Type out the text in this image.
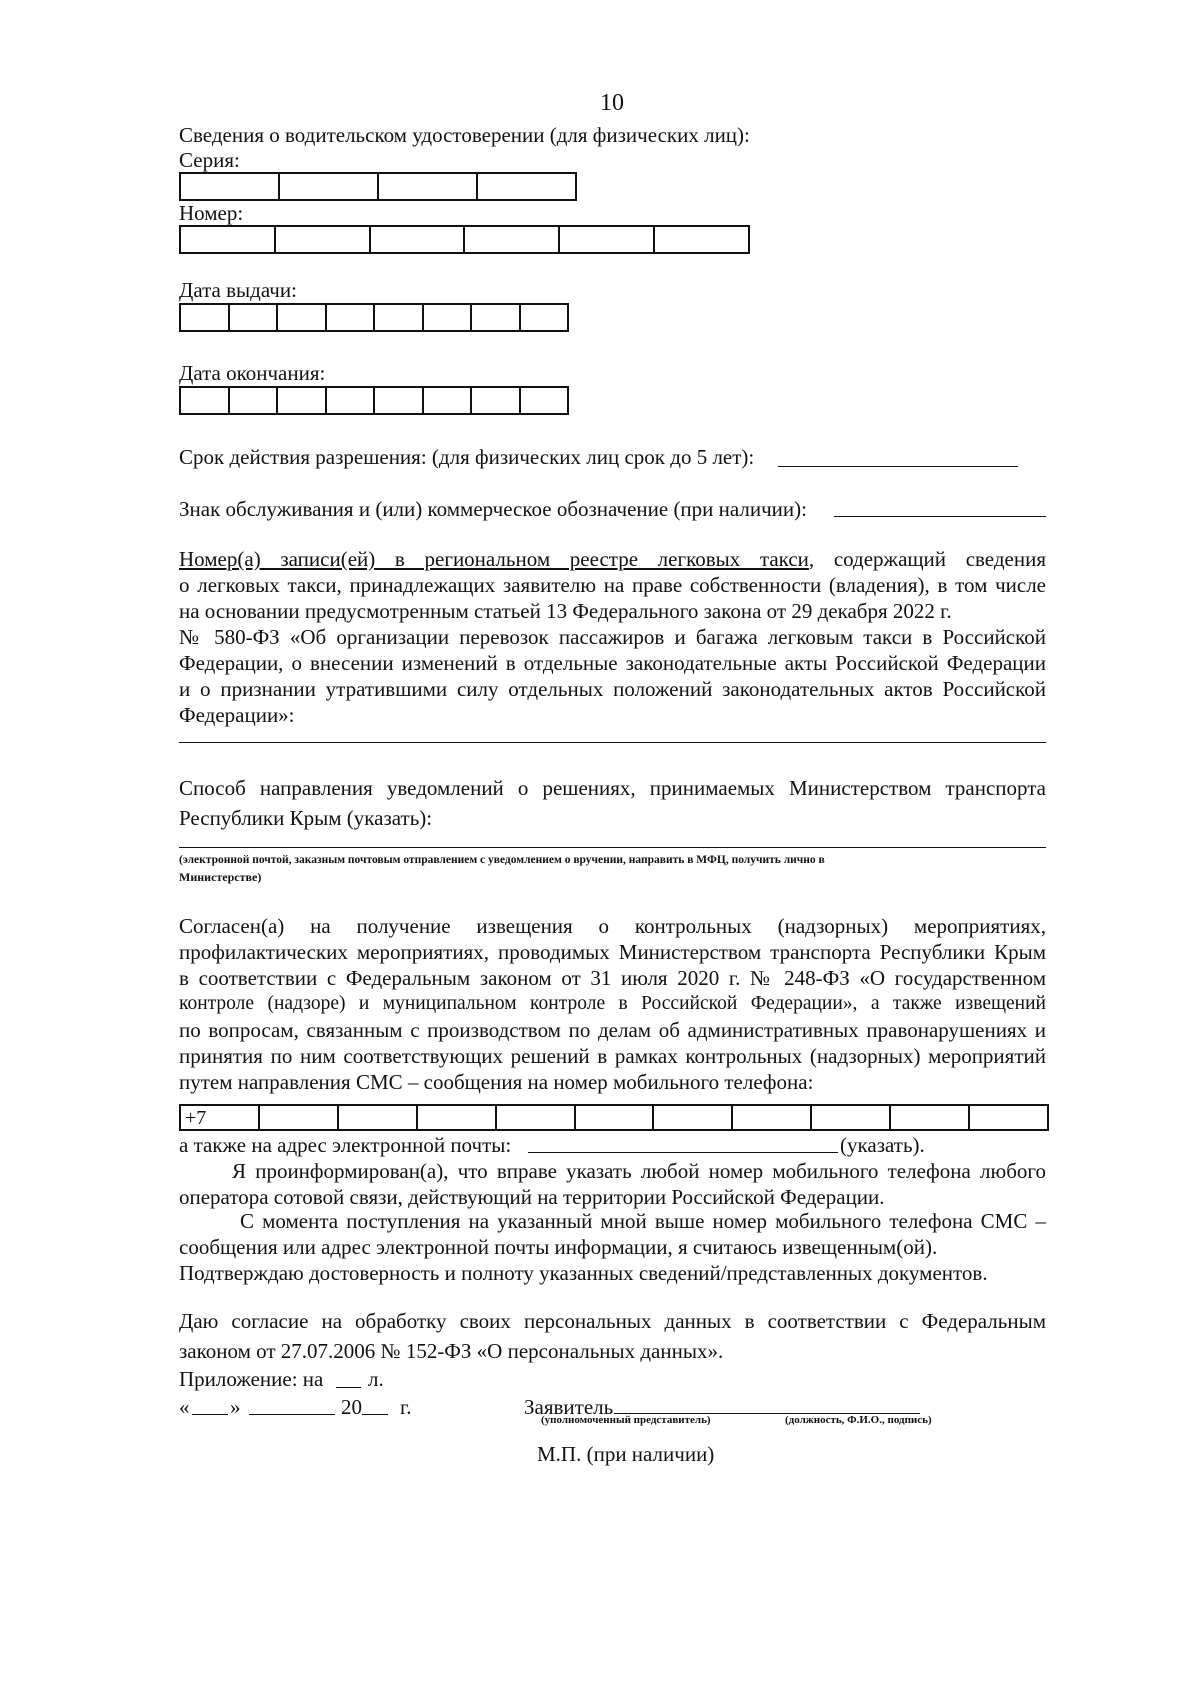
10
Сведения о водительском удостоверении (для физических лиц):
Серия:
Номер:
Дата выдачи:
Дата окончания:
Срок действия разрешения: (для физических лиц срок до 5 лет):
Знак обслуживания и (или) коммерческое обозначение (при наличии):
Номер(а) записи(ей) в региональном реестре легковых такси, содержащий сведения
о легковых такси, принадлежащих заявителю на праве собственности (владения), в том числе
на основании предусмотренным статьей 13 Федерального закона от 29 декабря 2022 г.
№ 580-ФЗ «Об организации перевозок пассажиров и багажа легковым такси в Российской
Федерации, о внесении изменений в отдельные законодательные акты Российской Федерации
и о признании утратившими силу отдельных положений законодательных актов Российской
Федерации»:
Способ направления уведомлений о решениях, принимаемых Министерством транспорта
Республики Крым (указать):
(электронной почтой, заказным почтовым отправлением с уведомлением о вручении, направить в МФЦ, получить лично в
Министерстве)
Согласен(а) на получение извещения о контрольных (надзорных) мероприятиях,
профилактических мероприятиях, проводимых Министерством транспорта Республики Крым
в соответствии с Федеральным законом от 31 июля 2020 г. № 248-ФЗ «О государственном
контроле (надзоре) и муниципальном контроле в Российской Федерации», а также извещений
по вопросам, связанным с производством по делам об административных правонарушениях и
принятия по ним соответствующих решений в рамках контрольных (надзорных) мероприятий
путем направления СМС – сообщения на номер мобильного телефона:
+7
а также на адрес электронной почты:	(указать).
Я проинформирован(а), что вправе указать любой номер мобильного телефона любого
оператора сотовой связи, действующий на территории Российской Федерации.
С момента поступления на указанный мной выше номер мобильного телефона СМС –
сообщения или адрес электронной почты информации, я считаюсь извещенным(ой).
Подтверждаю достоверность и полноту указанных сведений/представленных документов.
Даю согласие на обработку своих персональных данных в соответствии с Федеральным
законом от 27.07.2006 № 152-ФЗ «О персональных данных».
Приложение: на л.
« »	20 г.	Заявитель
(уполномоченный представитель)	(должность, Ф.И.О., подпись)
М.П. (при наличии)
